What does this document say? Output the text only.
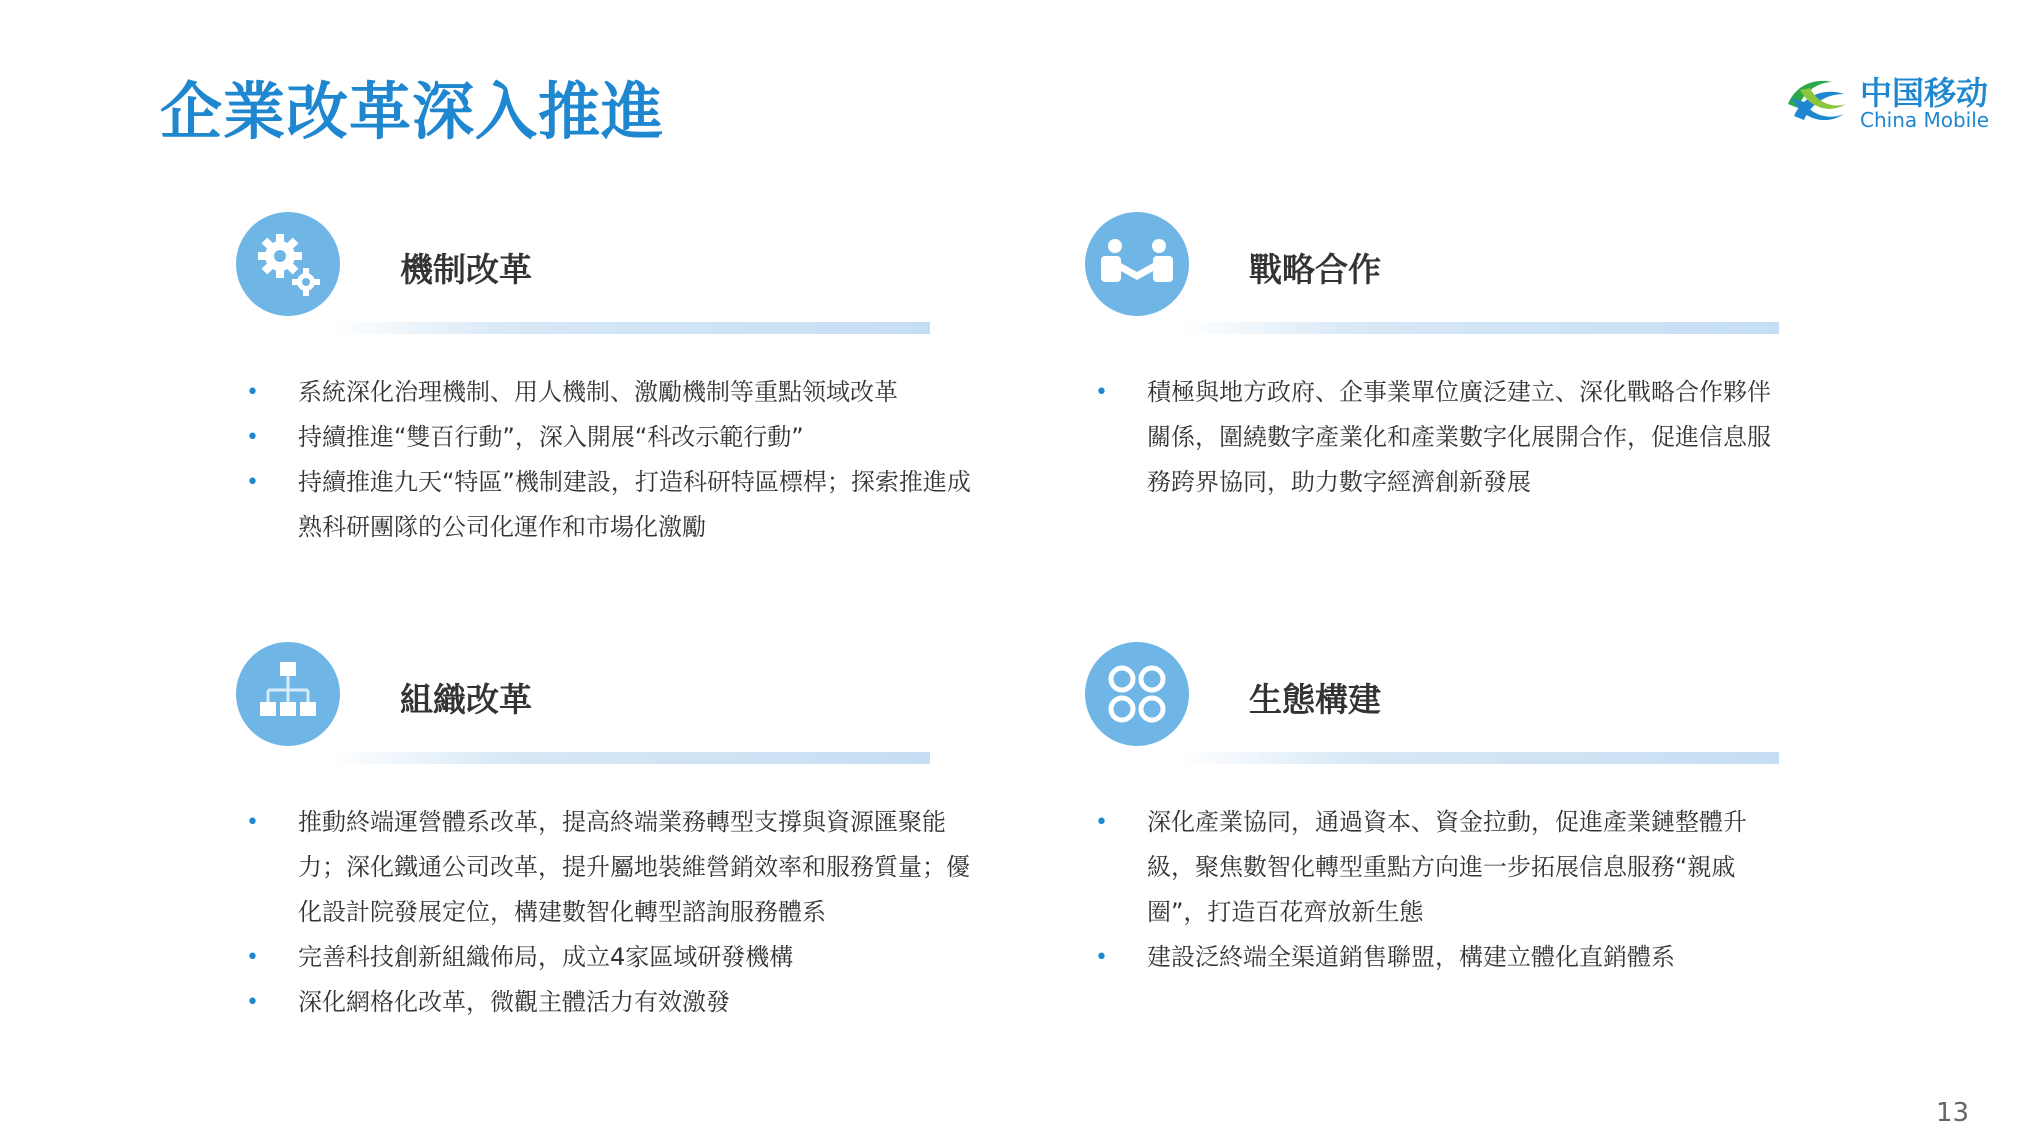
企業改革深入推進	中国移动
China Mobile
機制改革
• 系統深化治理機制、用人機制、激勵機制等重點领域改革
• 持續推進“雙百行動”，深入開展“科改示範行動”
• 持續推進九天“特區”機制建設，打造科研特區標桿；探索推進成熟科研團隊的公司化運作和市場化激勵
戰略合作
• 積極與地方政府、企事業單位廣泛建立、深化戰略合作夥伴關係，圍繞數字產業化和產業數字化展開合作，促進信息服務跨界協同，助力數字經濟創新發展
組織改革
• 推動終端運營體系改革，提高終端業務轉型支撐與資源匯聚能力；深化鐵通公司改革，提升屬地裝維營銷效率和服務質量；優化設計院發展定位，構建數智化轉型諮詢服務體系
• 完善科技創新組織佈局，成立4家區域研發機構
• 深化網格化改革，微觀主體活力有效激發
生態構建
• 深化產業協同，通過資本、資金拉動，促進產業鏈整體升級，聚焦數智化轉型重點方向進一步拓展信息服務“親戚圈”，打造百花齊放新生態
• 建設泛終端全渠道銷售聯盟，構建立體化直銷體系
13
